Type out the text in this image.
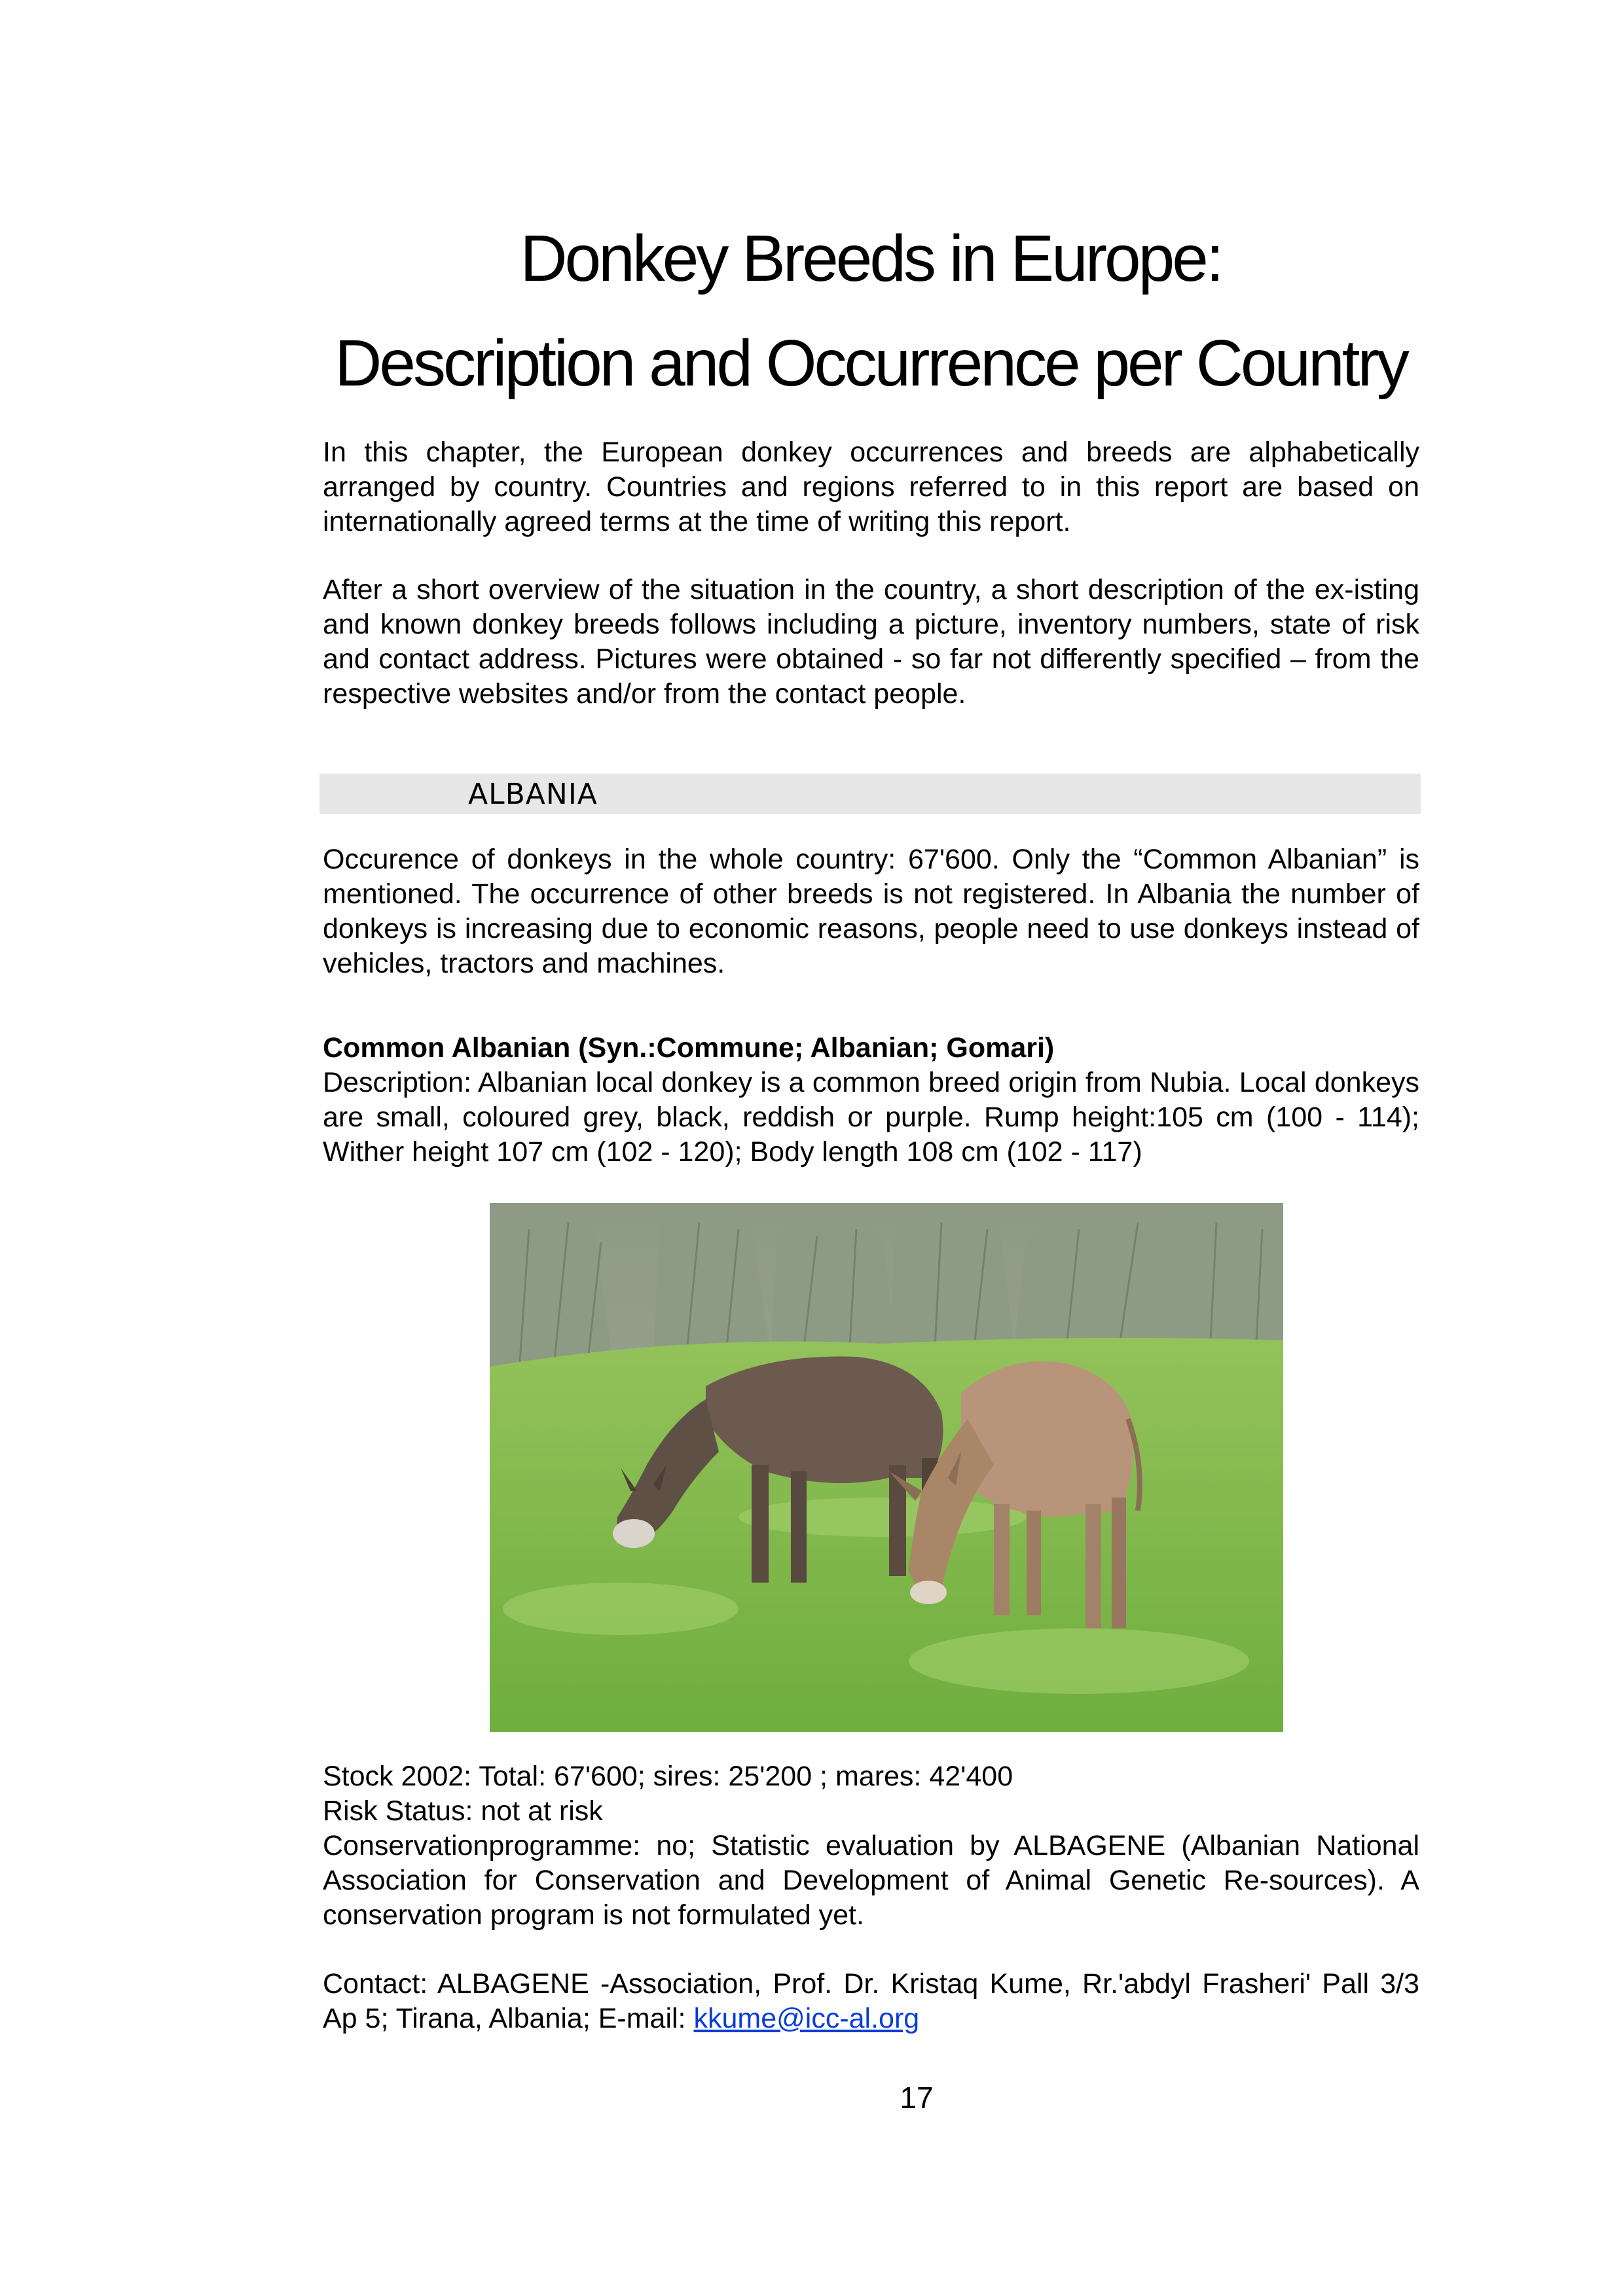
Donkey Breeds in Europe:
Description and Occurrence per Country

In this chapter, the European donkey occurrences and breeds are alphabetically arranged by country. Countries and regions referred to in this report are based on internationally agreed terms at the time of writing this report.

After a short overview of the situation in the country, a short description of the ex-isting and known donkey breeds follows including a picture, inventory numbers, state of risk and contact address. Pictures were obtained - so far not differently specified – from the respective websites and/or from the contact people.

ALBANIA

Occurence of donkeys in the whole country: 67'600. Only the “Common Albanian” is mentioned. The occurrence of other breeds is not registered. In Albania the number of donkeys is increasing due to economic reasons, people need to use donkeys instead of vehicles, tractors and machines.

Common Albanian (Syn.:Commune; Albanian; Gomari)

Description: Albanian local donkey is a common breed origin from Nubia. Local donkeys are small, coloured grey, black, reddish or purple. Rump height:105 cm (100 - 114); Wither height 107 cm (102 - 120); Body length 108 cm (102 - 117)

Stock 2002: Total: 67'600; sires: 25'200 ; mares: 42'400
Risk Status: not at risk
Conservationprogramme: no; Statistic evaluation by ALBAGENE (Albanian National Association for Conservation and Development of Animal Genetic Re-sources). A conservation program is not formulated yet.

Contact: ALBAGENE -Association, Prof. Dr. Kristaq Kume, Rr.'abdyl Frasheri' Pall 3/3 Ap 5; Tirana, Albania; E-mail: kkume@icc-al.org

17
